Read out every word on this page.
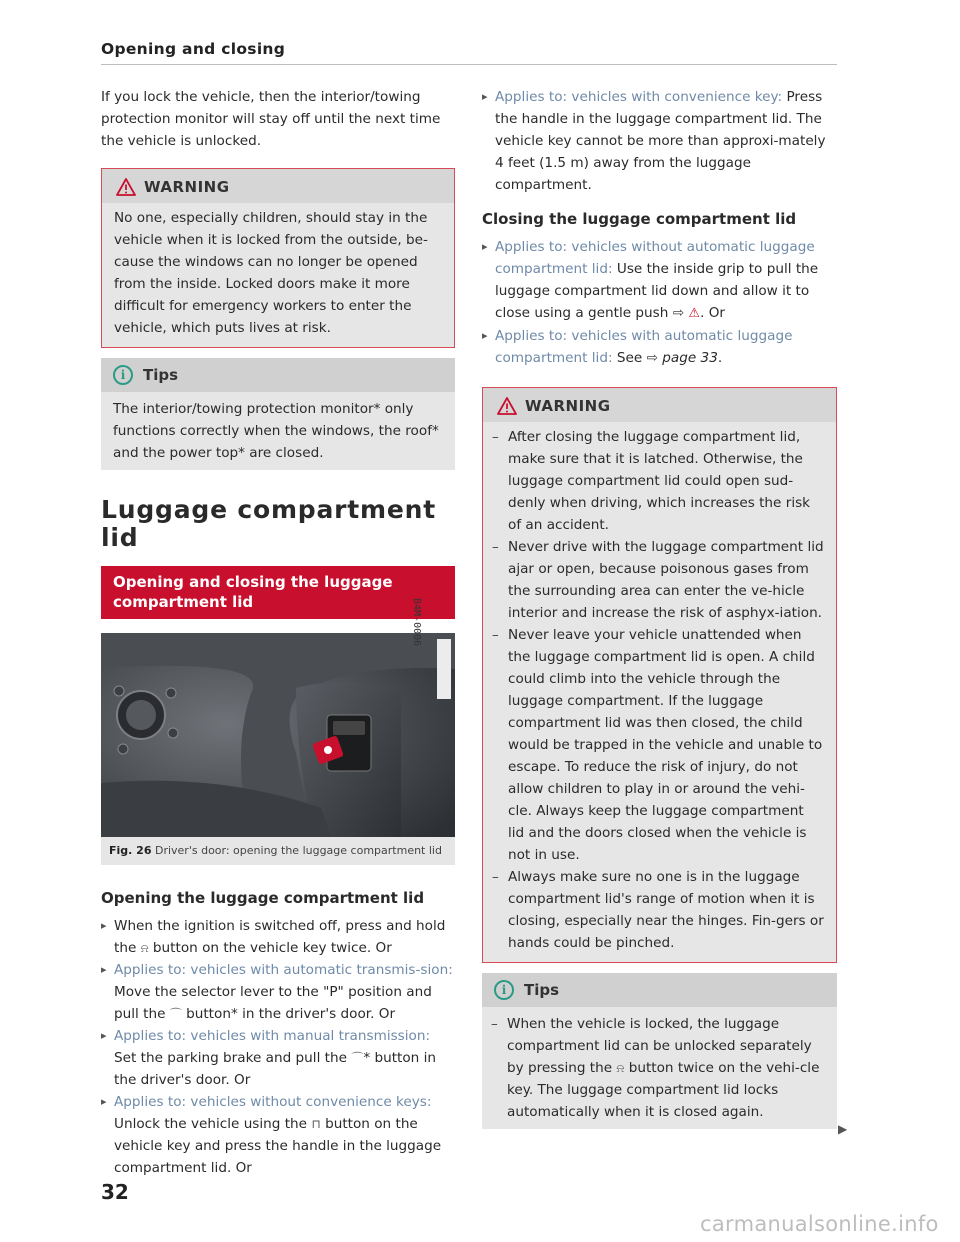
Opening and closing

If you lock the vehicle, then the interior/towing protection monitor will stay off until the next time the vehicle is unlocked.

WARNING
No one, especially children, should stay in the vehicle when it is locked from the outside, be-cause the windows can no longer be opened from the inside. Locked doors make it more difficult for emergency workers to enter the vehicle, which puts lives at risk.
i	Tips
The interior/towing protection monitor* only functions correctly when the windows, the roof* and the power top* are closed.
Luggage compartment lid
Opening and closing the luggage compartment lid
Fig. 26 Driver's door: opening the luggage compartment lid
Opening the luggage compartment lid
▸ When the ignition is switched off, press and hold the ⍾ button on the vehicle key twice. Or
▸ Applies to: vehicles with automatic transmis-sion: Move the selector lever to the "P" position and pull the ⌒ button* in the driver's door. Or
▸ Applies to: vehicles with manual transmission: Set the parking brake and pull the ⌒* button in the driver's door. Or
▸ Applies to: vehicles without convenience keys: Unlock the vehicle using the ⊓ button on the vehicle key and press the handle in the luggage compartment lid. Or
B4M-0006
▸ Applies to: vehicles with convenience key: Press the handle in the luggage compartment lid. The vehicle key cannot be more than approxi-mately 4 feet (1.5 m) away from the luggage compartment.
Closing the luggage compartment lid
▸ Applies to: vehicles without automatic luggage compartment lid: Use the inside grip to pull the luggage compartment lid down and allow it to close using a gentle push ⇨ ⚠. Or
▸ Applies to: vehicles with automatic luggage compartment lid: See ⇨ page 33.
WARNING
– After closing the luggage compartment lid, make sure that it is latched. Otherwise, the luggage compartment lid could open sud-denly when driving, which increases the risk of an accident.
– Never drive with the luggage compartment lid ajar or open, because poisonous gases from the surrounding area can enter the ve-hicle interior and increase the risk of asphyx-iation.
– Never leave your vehicle unattended when the luggage compartment lid is open. A child could climb into the vehicle through the luggage compartment. If the luggage compartment lid was then closed, the child would be trapped in the vehicle and unable to escape. To reduce the risk of injury, do not allow children to play in or around the vehi-cle. Always keep the luggage compartment lid and the doors closed when the vehicle is not in use.
– Always make sure no one is in the luggage compartment lid's range of motion when it is closing, especially near the hinges. Fin-gers or hands could be pinched.
i	Tips
– When the vehicle is locked, the luggage compartment lid can be unlocked separately by pressing the ⍾ button twice on the vehi-cle key. The luggage compartment lid locks automatically when it is closed again.
▶
32
carmanualsonline.info
